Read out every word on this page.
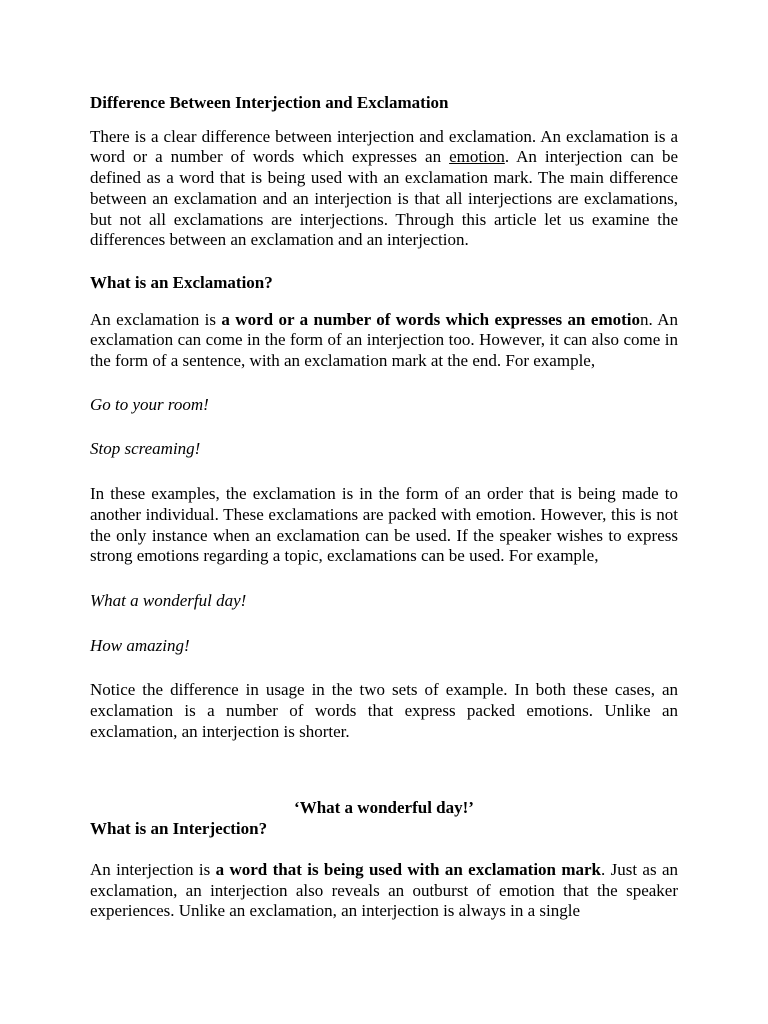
Difference Between Interjection and Exclamation

There is a clear difference between interjection and exclamation. An exclamation is a word or a number of words which expresses an emotion. An interjection can be defined as a word that is being used with an exclamation mark. The main difference between an exclamation and an interjection is that all interjections are exclamations, but not all exclamations are interjections. Through this article let us examine the differences between an exclamation and an interjection.

What is an Exclamation?

An exclamation is a word or a number of words which expresses an emotion. An exclamation can come in the form of an interjection too. However, it can also come in the form of a sentence, with an exclamation mark at the end. For example,

Go to your room!

Stop screaming!

In these examples, the exclamation is in the form of an order that is being made to another individual. These exclamations are packed with emotion. However, this is not the only instance when an exclamation can be used. If the speaker wishes to express strong emotions regarding a topic, exclamations can be used. For example,

What a wonderful day!

How amazing!

Notice the difference in usage in the two sets of example. In both these cases, an exclamation is a number of words that express packed emotions. Unlike an exclamation, an interjection is shorter.

‘What a wonderful day!’

What is an Interjection?

An interjection is a word that is being used with an exclamation mark. Just as an exclamation, an interjection also reveals an outburst of emotion that the speaker experiences. Unlike an exclamation, an interjection is always in a single
